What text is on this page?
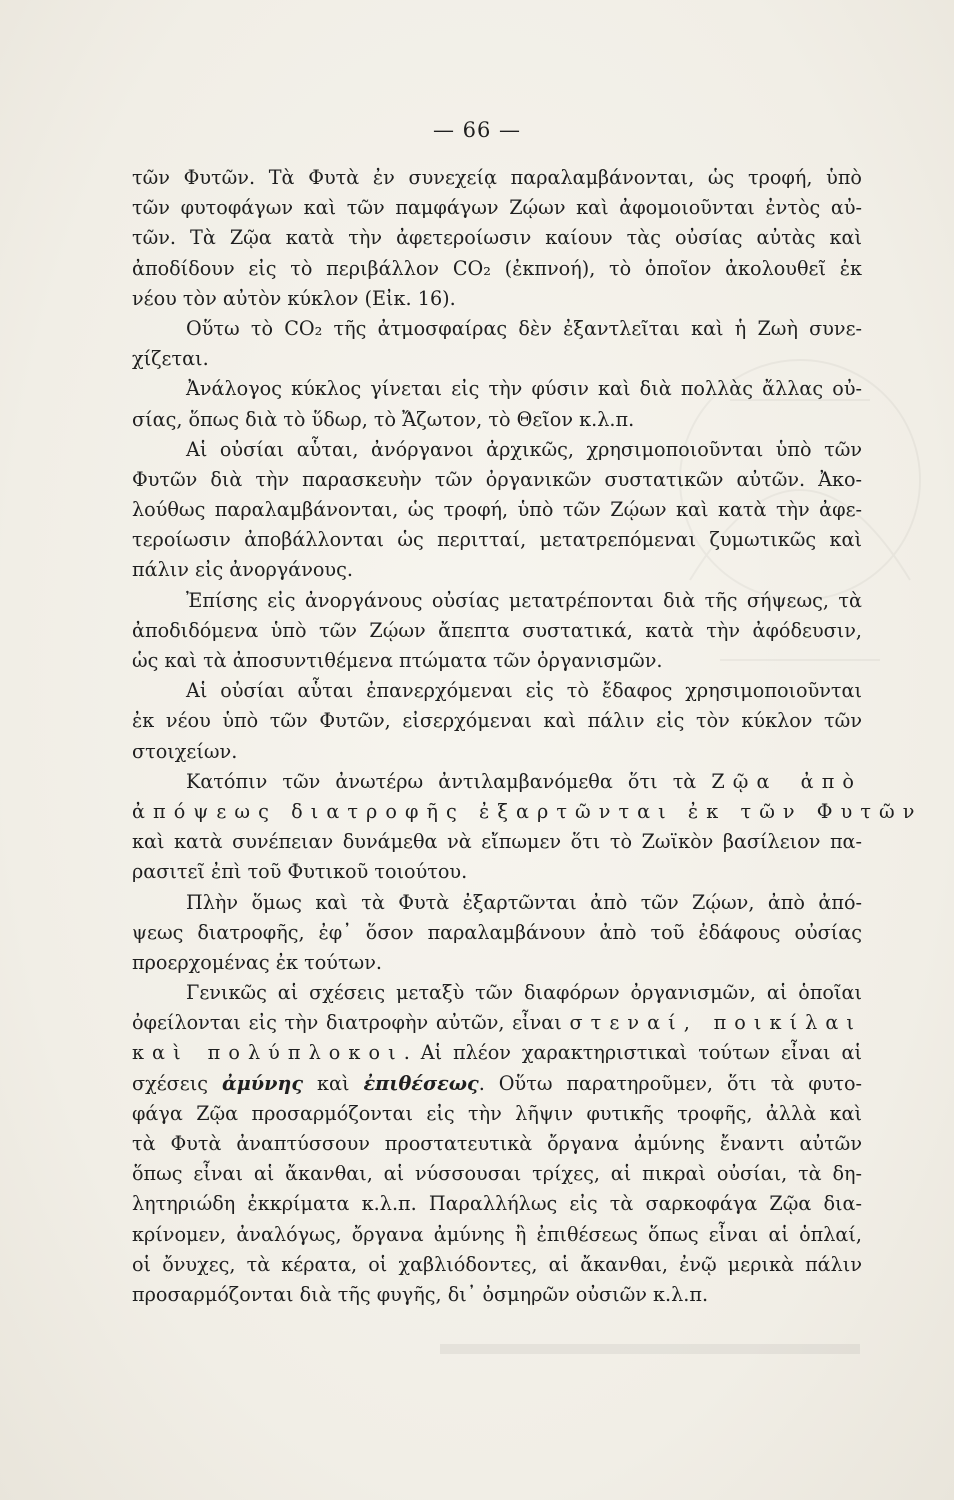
— 66 —
τῶν Φυτῶν. Τὰ Φυτὰ ἐν συνεχείᾳ παραλαμβάνονται, ὡς τροφή, ὑπὸ
τῶν φυτοφάγων καὶ τῶν παμφάγων Ζῴων καὶ ἀφομοιοῦνται ἐντὸς αὐ-
τῶν. Τὰ Ζῷα κατὰ τὴν ἀφετεροίωσιν καίουν τὰς οὐσίας αὐτὰς καὶ
ἀποδίδουν εἰς τὸ περιβάλλον CO₂ (ἐκπνοή), τὸ ὁποῖον ἀκολουθεῖ ἐκ
νέου τὸν αὐτὸν κύκλον (Εἰκ. 16).
Οὕτω τὸ CO₂ τῆς ἀτμοσφαίρας δὲν ἐξαντλεῖται καὶ ἡ Ζωὴ συνε-
χίζεται.
Ἀνάλογος κύκλος γίνεται εἰς τὴν φύσιν καὶ διὰ πολλὰς ἄλλας οὐ-
σίας, ὅπως διὰ τὸ ὕδωρ, τὸ Ἄζωτον, τὸ Θεῖον κ.λ.π.
Αἱ οὐσίαι αὗται, ἀνόργανοι ἀρχικῶς, χρησιμοποιοῦνται ὑπὸ τῶν
Φυτῶν διὰ τὴν παρασκευὴν τῶν ὀργανικῶν συστατικῶν αὐτῶν. Ἀκο-
λούθως παραλαμβάνονται, ὡς τροφή, ὑπὸ τῶν Ζῴων καὶ κατὰ τὴν ἀφε-
τεροίωσιν ἀποβάλλονται ὡς περιτταί, μετατρεπόμεναι ζυμωτικῶς καὶ
πάλιν εἰς ἀνοργάνους.
Ἐπίσης εἰς ἀνοργάνους οὐσίας μετατρέπονται διὰ τῆς σήψεως, τὰ
ἀποδιδόμενα ὑπὸ τῶν Ζῴων ἄπεπτα συστατικά, κατὰ τὴν ἀφόδευσιν,
ὡς καὶ τὰ ἀποσυντιθέμενα πτώματα τῶν ὀργανισμῶν.
Αἱ οὐσίαι αὗται ἐπανερχόμεναι εἰς τὸ ἔδαφος χρησιμοποιοῦνται
ἐκ νέου ὑπὸ τῶν Φυτῶν, εἰσερχόμεναι καὶ πάλιν εἰς τὸν κύκλον τῶν
στοιχείων.
Κατόπιν τῶν ἀνωτέρω ἀντιλαμβανόμεθα ὅτι τὰ Ζῷα ἀπὸ
ἀπόψεως διατροφῆς ἐξαρτῶνται ἐκ τῶν Φυτῶν
καὶ κατὰ συνέπειαν δυνάμεθα νὰ εἴπωμεν ὅτι τὸ Ζωϊκὸν βασίλειον πα-
ρασιτεῖ ἐπὶ τοῦ Φυτικοῦ τοιούτου.
Πλὴν ὅμως καὶ τὰ Φυτὰ ἐξαρτῶνται ἀπὸ τῶν Ζῴων, ἀπὸ ἀπό-
ψεως διατροφῆς, ἐφ᾽ ὅσον παραλαμβάνουν ἀπὸ τοῦ ἐδάφους οὐσίας
προερχομένας ἐκ τούτων.
Γενικῶς αἱ σχέσεις μεταξὺ τῶν διαφόρων ὀργανισμῶν, αἱ ὁποῖαι
ὀφείλονται εἰς τὴν διατροφὴν αὐτῶν, εἶναι στεναί, ποικίλαι
καὶ πολύπλοκοι. Αἱ πλέον χαρακτηριστικαὶ τούτων εἶναι αἱ
σχέσεις ἀμύνης καὶ ἐπιθέσεως. Οὕτω παρατηροῦμεν, ὅτι τὰ φυτο-
φάγα Ζῷα προσαρμόζονται εἰς τὴν λῆψιν φυτικῆς τροφῆς, ἀλλὰ καὶ
τὰ Φυτὰ ἀναπτύσσουν προστατευτικὰ ὄργανα ἀμύνης ἔναντι αὐτῶν
ὅπως εἶναι αἱ ἄκανθαι, αἱ νύσσουσαι τρίχες, αἱ πικραὶ οὐσίαι, τὰ δη-
λητηριώδη ἐκκρίματα κ.λ.π. Παραλλήλως εἰς τὰ σαρκοφάγα Ζῷα δια-
κρίνομεν, ἀναλόγως, ὄργανα ἀμύνης ἢ ἐπιθέσεως ὅπως εἶναι αἱ ὁπλαί,
οἱ ὄνυχες, τὰ κέρατα, οἱ χαβλιόδοντες, αἱ ἄκανθαι, ἐνῷ μερικὰ πάλιν
προσαρμόζονται διὰ τῆς φυγῆς, δι᾽ ὀσμηρῶν οὐσιῶν κ.λ.π.
